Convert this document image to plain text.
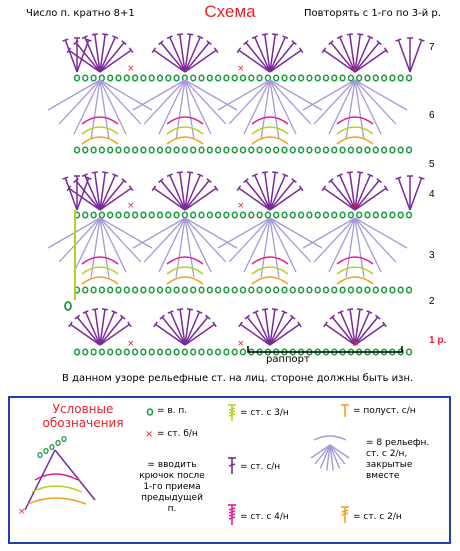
Число п. кратно 8+1	Схема	Повторять с 1-го по 3-й р.
7
6
5
4
3
2
1 р.
×
×
×
×
×
×
×
×
×
×
×
раппорт
В данном узоре рельефные ст. на лиц. стороне должны быть изн.
Условные обозначения
= в. п.
= ст. б/н
= ст. с 3/н	= полуст. с/н
= ст. с/н
= 8 рельефн. ст. с 2/н, закрытые вместе
= вводить крючок после 1-го приема предыдущей п.
= ст. с 4/н	= ст. с 2/н
